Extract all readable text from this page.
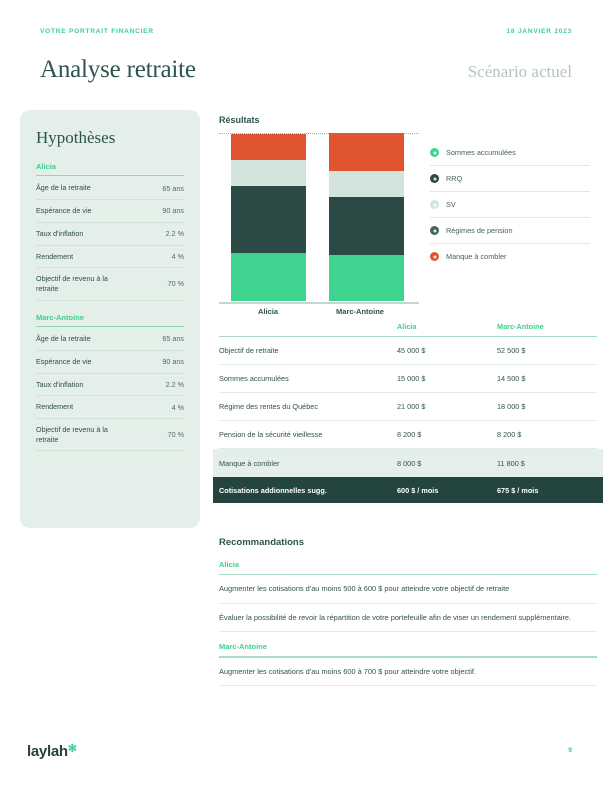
VOTRE PORTRAIT FINANCIER	18 JANVIER 2023
Analyse retraite	Scénario actuel
Hypothèses
Alicia
Âge de la retraite	65 ans
Espérance de vie	90 ans
Taux d'inflation	2.2 %
Rendement	4 %
Objectif de revenu à la retraite	70 %
Marc-Antoine
Âge de la retraite	65 ans
Espérance de vie	90 ans
Taux d'inflation	2.2 %
Rendement	4 %
Objectif de revenu à la retraite	70 %
Résultats
Alicia	Marc-Antoine
Sommes accumulées
RRQ
SV
Régimes de pension
Manque à combler
Alicia	Marc-Antoine
Objectif de retraite	45 000 $	52 500 $
Sommes accumulées	15 000 $	14 500 $
Régime des rentes du Québec	21 000 $	18 000 $
Pension de la sécurité vieillesse	8 200 $	8 200 $
Manque à combler	8 000 $	11 800 $
Cotisations addionnelles sugg.	600 $ / mois	675 $ / mois
Recommandations
Alicia
Augmenter les cotisations d'au moins 500 à 600 $ pour atteindre votre objectif de retraite
Évaluer la possibilité de revoir la répartition de votre portefeuille afin de viser un rendement supplémentaire.
Marc-Antoine
Augmenter les cotisations d'au moins 600 à 700 $ pour atteindre votre objectif.
laylah ✻	9
